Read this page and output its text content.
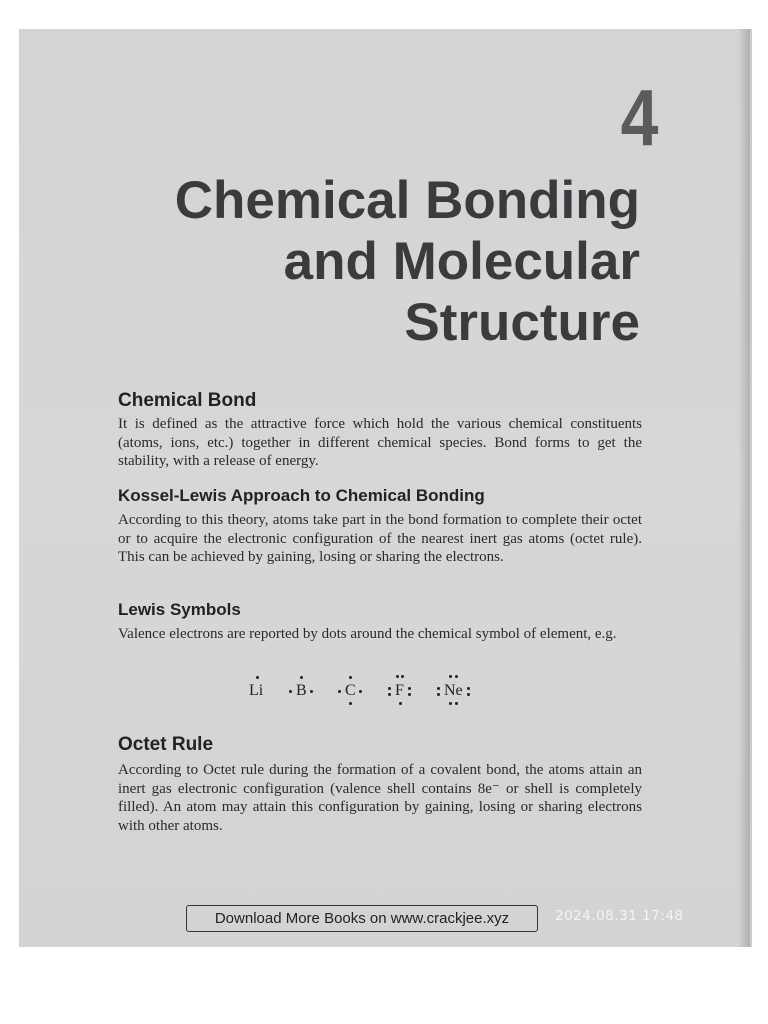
4
Chemical Bonding
and Molecular
Structure
Chemical Bond
It is defined as the attractive force which hold the various chemical constituents (atoms, ions, etc.) together in different chemical species. Bond forms to get the stability, with a release of energy.
Kossel-Lewis Approach to Chemical Bonding
According to this theory, atoms take part in the bond formation to complete their octet or to acquire the electronic configuration of the nearest inert gas atoms (octet rule). This can be achieved by gaining, losing or sharing the electrons.
Lewis Symbols
Valence electrons are reported by dots around the chemical symbol of element, e.g.
Li B C F	Ne
Octet Rule
According to Octet rule during the formation of a covalent bond, the atoms attain an inert gas electronic configuration (valence shell contains 8e⁻ or shell is completely filled). An atom may attain this configuration by gaining, losing or sharing electrons with other atoms.
Download More Books on www.crackjee.xyz	2024.08.31 17:48
